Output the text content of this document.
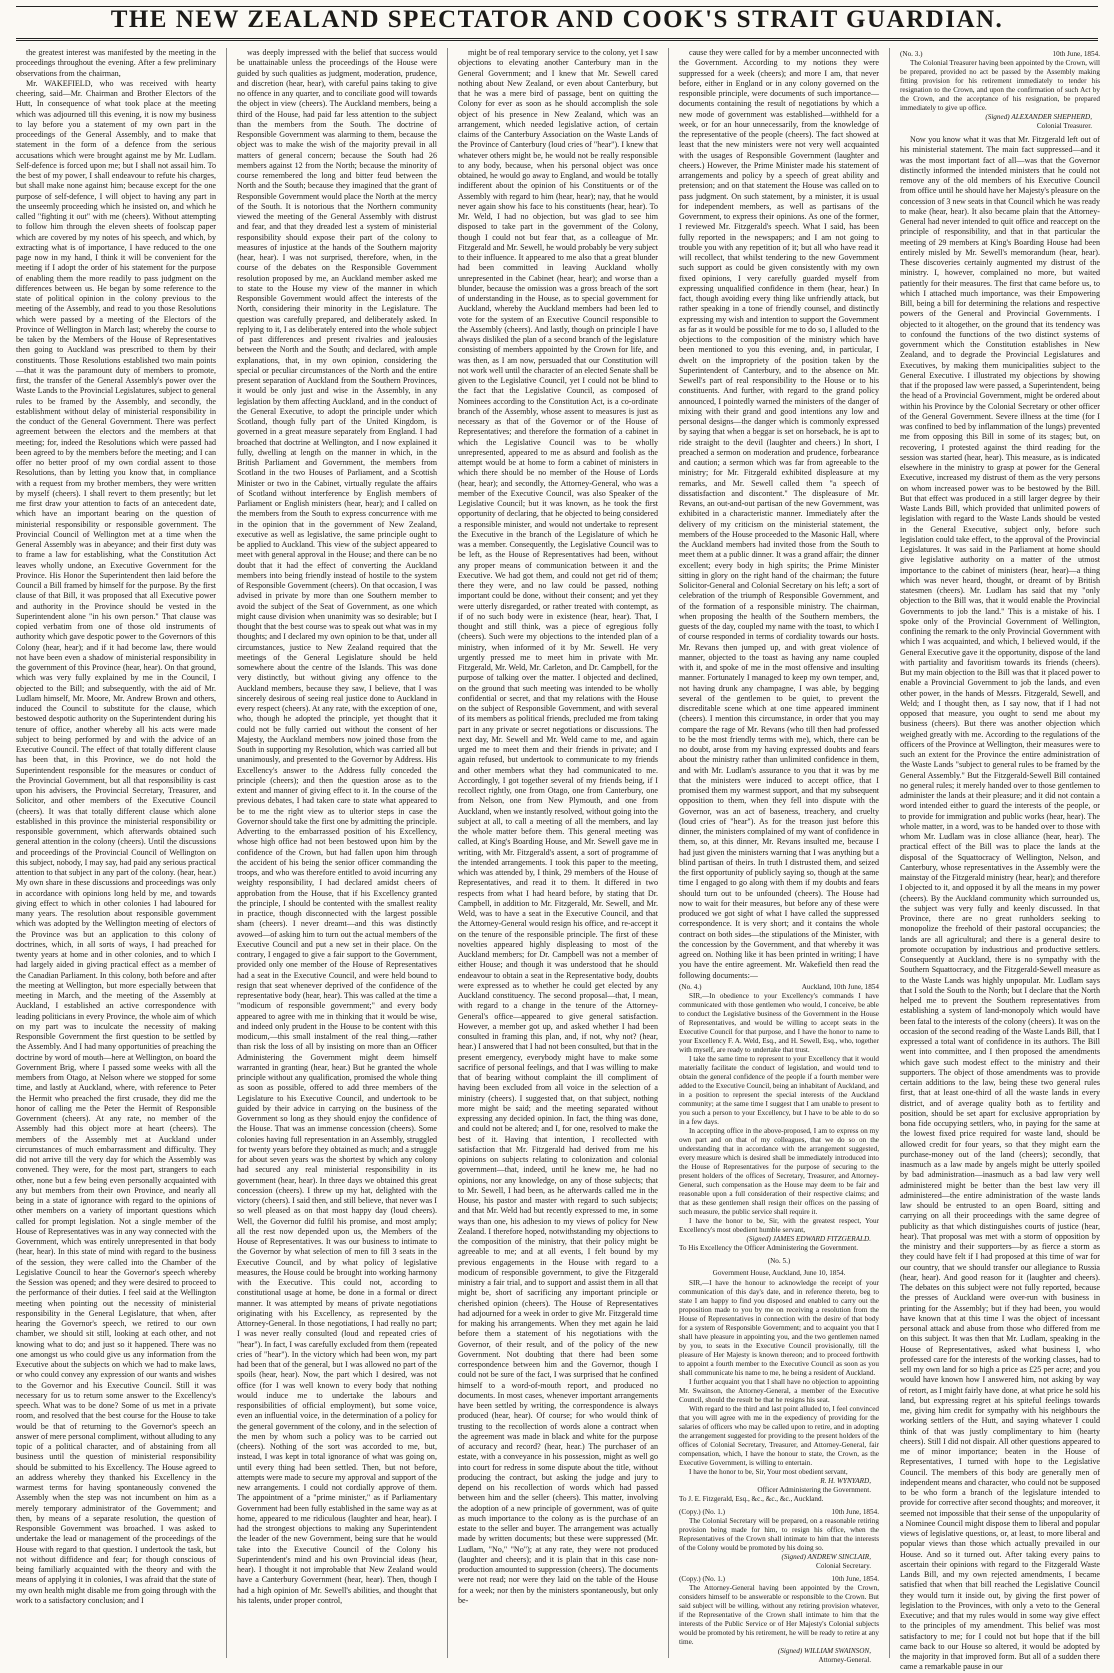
THE NEW ZEALAND SPECTATOR AND COOK'S STRAIT GUARDIAN.

the greatest interest was manifested by the meeting in the proceedings throughout the evening. After a few preliminary observations from the chairman,

Mr. WAKEFIELD, who was received with hearty cheering, said—Mr. Chairman and Brother Electors of the Hutt, In consequence of what took place at the meeting which was adjourned till this evening, it is now my business to lay before you a statement of my own part in the proceedings of the General Assembly, and to make that statement in the form of a defence from the serious accusations which were brought against me by Mr. Ludlam. Self-defence is forced upon me; but I shall not assail him. To the best of my power, I shall endeavour to refute his charges, but shall make none against him; because except for the one purpose of self-defence, I will object to having any part in the unseemly proceeding which he insisted on, and which he called "fighting it out" with me (cheers). Without attempting to follow him through the eleven sheets of foolscap paper which are covered by my notes of his speech, and which, by extracting what is of importance, I have reduced to the one page now in my hand, I think it will be convenient for the meeting if I adopt the order of his statement for the purpose of enabling them the more readily to pass judgment on the differences between us. He began by some reference to the state of political opinion in the colony previous to the meeting of the Assembly, and read to you those Resolutions which were passed by a meeting of the Electors of the Province of Wellington in March last; whereby the course to be taken by the Members of the House of Representatives then going to Auckland was prescribed to them by their constituents. Those Resolutions established two main points—that it was the paramount duty of members to promote, first, the transfer of the General Assembly's power over the Waste Lands to the Provincial Legislatures, subject to general rules to be framed by the Assembly, and secondly, the establishment without delay of ministerial responsibility in the conduct of the General Government. There was perfect agreement between the electors and the members at that meeting; for, indeed the Resolutions which were passed had been agreed to by the members before the meeting; and I can offer no better proof of my own cordial assent to those Resolutions, than by letting you know that, in compliance with a request from my brother members, they were written by myself (cheers). I shall revert to them presently; but let me first draw your attention to facts of an antecedent date, which have an important bearing on the question of ministerial responsibility or responsible government. The Provincial Council of Wellington met at a time when the General Assembly was in abeyance; and their first duty was to frame a law for establishing, what the Constitution Act leaves wholly undone, an Executive Government for the Province. His Honor the Superintendent then laid before the Council a Bill framed by himself for the purpose. By the first clause of that Bill, it was proposed that all Executive power and authority in the Province should be vested in the Superintendent alone "in his own person." That clause was copied verbatim from one of those old instruments of authority which gave despotic power to the Governors of this Colony (hear, hear); and if it had become law, there would not have been even a shadow of ministerial responsibility in the government of this Province (hear, hear). On that ground, which was very fully explained by me in the Council, I objected to the Bill; and subsequently, with the aid of Mr. Ludlam himself, Mr. Moore, Mr. Andrew Brown and others, induced the Council to substitute for the clause, which bestowed despotic authority on the Superintendent during his tenure of office, another whereby all his acts were made subject to being performed by and with the advice of an Executive Council. The effect of that totally different clause has been that, in this Province, we do not hold the Superintendent responsible for the measures or conduct of the Provincial Government, but all that responsibility is cast upon his advisers, the Provincial Secretary, Treasurer, and Solicitor, and other members of the Executive Council (cheers). It was that totally different clause which alone established in this province the ministerial responsibility or responsible government, which afterwards obtained such general attention in the colony (cheers). Until the discussions and proceedings of the Provincial Council of Wellington on this subject, nobody, I may say, had paid any serious practical attention to that subject in any part of the colony. (hear, hear.) My own share in these discussions and proceedings was only in accordance with opinions long held by me, and towards giving effect to which in other colonies I had laboured for many years. The resolution about responsible government which was adopted by the Wellington meeting of electors of the Province was but an application to this colony of doctrines, which, in all sorts of ways, I had preached for twenty years at home and in other colonies, and to which I had largely aided in giving practical effect as a member of the Canadian Parliament. In this colony, both before and after the meeting at Wellington, but more especially between that meeting in March, and the meeting of the Assembly at Auckland, I established an active correspondence with leading politicians in every Province, the whole aim of which on my part was to inculcate the necessity of making Responsible Government the first question to be settled by the Assembly. And I had many opportunities of preaching the doctrine by word of mouth—here at Wellington, on board the Government Brig, where I passed some weeks with all the members from Otago, at Nelson where we stopped for some time, and lastly at Auckland, where, with reference to Peter the Hermit who preached the first crusade, they did me the honor of calling me the Peter the Hermit of Responsible Government (cheers). At any rate, no member of the Assembly had this object more at heart (cheers). The members of the Assembly met at Auckland under circumstances of much embarrassment and difficulty. They did not arrive till the very day for which the Assembly was convened. They were, for the most part, strangers to each other, none but a few being even personally acquainted with any but members from their own Province, and nearly all being in a state of ignorance with regard to the opinions of other members on a variety of important questions which called for prompt legislation. Not a single member of the House of Representatives was in any way connected with the Government, which was entirely unrepresented in that body (hear, hear). In this state of mind with regard to the business of the session, they were called into the Chamber of the Legislative Council to hear the Governor's speech whereby the Session was opened; and they were desired to proceed to the performance of their duties. I feel said at the Wellington meeting when pointing out the necessity of ministerial responsibility in the General Legislature, that when, after hearing the Governor's speech, we retired to our own chamber, we should sit still, looking at each other, and not knowing what to do; and just so it happened. There was no one amongst us who could give us any information from the Executive about the subjects on which we had to make laws, or who could convey any expression of our wants and wishes to the Governor and his Executive Council. Still it was necessary for us to return some answer to the Excellency's speech. What was to be done? Some of us met in a private room, and resolved that the best course for the House to take would be that of returning to the Governor's speech an answer of mere personal compliment, without alluding to any topic of a political character, and of abstaining from all business until the question of ministerial responsibility should be submitted to his Excellency. The House agreed to an address whereby they thanked his Excellency in the warmest terms for having spontaneously convened the Assembly when the step was not incumbent on him as a merely temporary administrator of the Government; and then, by means of a separate resolution, the question of Responsible Government was broached. I was asked to undertake the lead or management of the proceedings of the House with regard to that question. I undertook the task, but not without diffidence and fear; for though conscious of being familiarly acquainted with the theory and with the means of applying it in colonies, I was afraid that the state of my own health might disable me from going through with the work to a satisfactory conclusion; and I

was deeply impressed with the belief that success would be unattainable unless the proceedings of the House were guided by such qualities as judgment, moderation, prudence, and discretion (hear, hear), with careful pains taking to give no offence in any quarter, and to conciliate good will towards the object in view (cheers). The Auckland members, being a third of the House, had paid far less attention to the subject than the members from the South. The doctrine of Responsible Government was alarming to them, because the object was to make the wish of the majority prevail in all matters of general concern; because the South had 26 members against 12 from the North; because the minority of course remembered the long and bitter feud between the North and the South; because they imagined that the grant of Responsible Government would place the North at the mercy of the South. It is notorious that the Northern community viewed the meeting of the General Assembly with distrust and fear, and that they dreaded lest a system of ministerial responsibility should expose their part of the colony to measures of injustice at the hands of the Southern majority (hear, hear). I was not surprised, therefore, when, in the course of the debates on the Responsible Government resolution proposed by me, an Auckland member asked me to state to the House my view of the manner in which Responsible Government would affect the interests of the North, considering their minority in the Legislature. The question was carefully prepared, and deliberately asked. In replying to it, I as deliberately entered into the whole subject of past differences and present rivalries and jealousies between the North and the South; and declared, with ample explanations, that, in my own opinion, considering the special or peculiar circumstances of the North and the entire present separation of Auckland from the Southern Provinces, it would be only just and wise in the Assembly, in any legislation by them affecting Auckland, and in the conduct of the General Executive, to adopt the principle under which Scotland, though fully part of the United Kingdom, is governed in a great measure separately from England. I had broached that doctrine at Wellington, and I now explained it fully, dwelling at length on the manner in which, in the British Parliament and Government, the members from Scotland in the two Houses of Parliament, and a Scottish Minister or two in the Cabinet, virtually regulate the affairs of Scotland without interference by English members of Parliament or English ministers (hear, hear); and I called on the members from the South to express concurrence with me in the opinion that in the government of New Zealand, executive as well as legislative, the same principle ought to be applied to Auckland. This view of the subject appeared to meet with general approval in the House; and there can be no doubt that it had the effect of converting the Auckland members into being friendly instead of hostile to the system of Responsible Government (cheers). On that occasion, I was advised in private by more than one Southern member to avoid the subject of the Seat of Government, as one which might cause division when unanimity was so desirable; but I thought that the best course was to speak out what was in my thoughts; and I declared my own opinion to be that, under all circumstances, justice to New Zealand required that the meetings of the General Legislature should be held somewhere about the centre of the Islands. This was done very distinctly, but without giving any offence to the Auckland members, because they saw, I believe, that I was sincerely desirous of seeing real justice done to Auckland in every respect (cheers). At any rate, with the exception of one, who, though he adopted the principle, yet thought that it could not be fully carried out without the consent of her Majesty, the Auckland members now joined those from the South in supporting my Resolution, which was carried all but unanimously, and presented to the Governor by Address. His Excellency's answer to the Address fully conceded the principle (cheers); and then the question arose as to the extent and manner of giving effect to it. In the course of the previous debates, I had taken care to state what appeared to be to me the right view as to ulterior steps in case the Governor should take the first one by admitting the principle. Adverting to the embarrassed position of his Excellency, whose high office had not been bestowed upon him by the confidence of the Crown, but had fallen upon him through the accident of his being the senior officer commanding the troops, and who was therefore entitled to avoid incurring any weighty responsibility, I had declared amidst cheers of approbation from the House, that if his Excellency granted the principle, I should be contented with the smallest reality in practice, though disconnected with the largest possible sham (cheers). I never dreamt—and this was distinctly avowed—of asking him to turn out the actual members of the Executive Council and put a new set in their place. On the contrary, I engaged to give a fair support to the Government, provided only one member of the House of Representatives had a seat in the Executive Council, and were held bound to resign that seat whenever deprived of the confidence of the representative body (hear, hear). This was called at the time a "modicum of responsible government;" and every body appeared to agree with me in thinking that it would be wise, and indeed only prudent in the House to be content with this modicum,—this small instalment of the real thing,—rather than risk the loss of all by insisting on more than an Officer Administering the Government might deem himself warranted in granting (hear, hear.) But he granted the whole principle without any qualification, promised the whole thing as soon as possible, offered to add three members of the Legislature to his Executive Council, and undertook to be guided by their advice in carrying on the business of the Government so long as they should enjoy the confidence of the House. That was an immense concession (cheers). Some colonies having full representation in an Assembly, struggled for twenty years before they obtained as much; and a struggle for about seven years was the shortest by which any colony had secured any real ministerial responsibility in its government (hear, hear). In three days we obtained this great concession (cheers). I threw up my hat, delighted with the victory (cheers). I said then, and still believe, that never was I so well pleased as on that most happy day (loud cheers). Well, the Governor did fulfil his promise, and most amply; all the rest now depended upon us, the Members of the House of Representatives. It was our business to intimate to the Governor by what selection of men to fill 3 seats in the Executive Council, and by what policy of legislative measures, the House could be brought into working harmony with the Executive. This could not, according to constitutional usage at home, be done in a formal or direct manner. It was attempted by means of private negotiations originating with his Excellency, as represented by the Attorney-General. In those negotiations, I had really no part; I was never really consulted (loud and repeated cries of "hear"). In fact, I was carefully excluded from them (repeated cries of "hear"). In the victory which had been won, my part had been that of the general, but I was allowed no part of the spoils (hear, hear). Now, the part which I desired, was not office (for I was well known to every body that nothing would induce me to undertake the labours and responsibilities of official employment), but some voice, even an influential voice, in the determination of a policy for the general government of the colony, and in the selection of the men by whom such a policy was to be carried out (cheers). Nothing of the sort was accorded to me, but, instead, I was kept in total ignorance of what was going on, until every thing had been settled. Then, but not before, attempts were made to secure my approval and support of the new arrangements. I could not cordially approve of them. The appointment of a "prime minister," as if Parliamentary Government had been fully established in the same way as at home, appeared to me ridiculous (laughter and hear, hear). I had the strongest objections to making any Superintendent the leader of the new Government, being sure that he would take into the Executive Council of the Colony his Superintendent's mind and his own Provincial ideas (hear, hear). I thought it not improbable that New Zealand would have a Canterbury Government (hear, hear). Then, though I had a high opinion of Mr. Sewell's abilities, and thought that his talents, under proper control,

might be of real temporary service to the colony, yet I saw objections to elevating another Canterbury man in the General Government; and I knew that Mr. Sewell cared nothing about New Zealand, or even about Canterbury, but that he was a mere bird of passage, bent on quitting the Colony for ever as soon as he should accomplish the sole object of his presence in New Zealand, which was an arrangement, which needed legislative action, of certain claims of the Canterbury Association on the Waste Lands of the Province of Canterbury (loud cries of "hear"). I knew that whatever others might be, he would not be really responsible to any body, because, when his personal object was once obtained, he would go away to England, and would be totally indifferent about the opinion of his Constituents or of the Assembly with regard to him (hear, hear); nay, that he would never again show his face to his constituents (hear, hear). To Mr. Weld, I had no objection, but was glad to see him disposed to take part in the government of the Colony, though I could not but fear that, as a colleague of Mr. Fitzgerald and Mr. Sewell, he would probably be very subject to their influence. It appeared to me also that a great blunder had been committed in leaving Auckland wholly unrepresented in the Cabinet (hear, hear); and worse than a blunder, because the omission was a gross breach of the sort of understanding in the House, as to special government for Auckland, whereby the Auckland members had been led to vote for the system of an Executive Council responsible to the Assembly (cheers). And lastly, though on principle I have always disliked the plan of a second branch of the legislature consisting of members appointed by the Crown for life, and was then, as I am now, persuaded that our Constitution will not work well until the character of an elected Senate shall be given to the Legislative Council, yet I could not be blind to the fact that the Legislative Council, as composed of Nominees according to the Constitution Act, is a co-ordinate branch of the Assembly, whose assent to measures is just as necessary as that of the Governor or of the House of Representatives; and therefore the formation of a cabinet in which the Legislative Council was to be wholly unrepresented, appeared to me as absurd and foolish as the attempt would be at home to form a cabinet of ministers in which there should be no member of the House of Lords (hear, hear); and secondly, the Attorney-General, who was a member of the Executive Council, was also Speaker of the Legislative Council; but it was known, as he took the first opportunity of declaring, that he objected to being considered a responsible minister, and would not undertake to represent the Executive in the branch of the Legislature of which he was a member. Consequently, the Legislative Council was to be left, as the House of Representatives had been, without any proper means of communication between it and the Executive. We had got them, and could not get rid of them; there they were, and no law could be passed, nothing important could be done, without their consent; and yet they were utterly disregarded, or rather treated with contempt, as if of no such body were in existence (hear, hear). That, I thought and still think, was a piece of egregious folly (cheers). Such were my objections to the intended plan of a ministry, when informed of it by Mr. Sewell. He very urgently pressed me to meet him in private with Mr. Fitzgerald, Mr. Weld, Mr. Carleton, and Dr. Campbell, for the purpose of talking over the matter. I objected and declined, on the ground that such meeting was intended to be wholly confidential or secret, and that my relations with the House on the subject of Responsible Government, and with several of its members as political friends, precluded me from taking part in any private or secret negotiations or discussions. The next day, Mr. Sewell and Mr. Weld came to me, and again urged me to meet them and their friends in private; and I again refused, but undertook to communicate to my friends and other members what they had communicated to me. Accordingly, I got together several of my friends being, if I recollect rightly, one from Otago, one from Canterbury, one from Nelson, one from New Plymouth, and one from Auckland, when we instantly resolved, without going into the subject at all, to call a meeting of all the members, and lay the whole matter before them. This general meeting was called, at King's Boarding House, and Mr. Sewell gave me in writing, with Mr. Fitzgerald's assent, a sort of programme of the intended arrangements. I took this paper to the meeting, which was attended by, I think, 29 members of the House of Representatives, and read it to them. It differed in two respects from what I had heard before, by stating that Dr. Campbell, in addition to Mr. Fitzgerald, Mr. Sewell, and Mr. Weld, was to have a seat in the Executive Council, and that the Attorney-General would resign his office, and re-accept it on the tenure of the responsible principle. The first of these novelties appeared highly displeasing to most of the Auckland members; for Dr. Campbell was not a member of either House; and though it was understood that he should endeavour to obtain a seat in the Representative body, doubts were expressed as to whether he could get elected by any Auckland constituency. The second proposal—that, I mean, with regard to a change in the tenure of the Attorney-General's office—appeared to give general satisfaction. However, a member got up, and asked whether I had been consulted in framing this plan, and, if not, why not? (hear, hear.) I answered that I had not been consulted, but that in the present emergency, everybody might have to make some sacrifice of personal feelings, and that I was willing to make that of bearing without complaint the ill compliment of having been excluded from all voice in the selection of a ministry (cheers). I suggested that, on that subject, nothing more might be said; and the meeting separated without expressing any decided opinion. In fact, the thing was done, and could not be altered; and I, for one, resolved to make the best of it. Having that intention, I recollected with satisfaction that Mr. Fitzgerald had derived from me his opinions on subjects relating to colonization and colonial government—that, indeed, until he knew me, he had no opinions, nor any knowledge, on any of those subjects; that to Mr. Sewell, I had been, as he afterwards called me in the House, his pastor and master with regard to such subjects; and that Mr. Weld had but recently expressed to me, in some ways than one, his adhesion to my views of policy for New Zealand. I therefore hoped, notwithstanding my objections to the composition of the ministry, that their policy might be agreeable to me; and at all events, I felt bound by my previous engagements in the House with regard to a modicum of responsible government, to give the Fitzgerald ministry a fair trial, and to support and assist them in all that might be, short of sacrificing any important principle or cherished opinion (cheers). The House of Representatives had adjourned for a week in order to give Mr. Fitzgerald time for making his arrangements. When they met again he laid before them a statement of his negotiations with the Governor, of their result, and of the policy of the new Government. Not doubting that there had been some correspondence between him and the Governor, though I could not be sure of the fact, I was surprised that he confined himself to a word-of-mouth report, and produced no documents. In most cases, whenever important arrangements have been settled by writing, the correspondence is always produced (hear, hear). Of course; for who would think of trusting to the recollection of words alone a contract when the agreement was made in black and white for the purpose of accuracy and record? (hear, hear.) The purchaser of an estate, with a conveyance in his possession, might as well go into court for redress in some dispute about the title, without producing the contract, but asking the judge and jury to depend on his recollection of words which had passed between him and the seller (cheers). This matter, involving the adoption of a new principle of government, was of quite as much importance to the colony as is the purchase of an estate to the seller and buyer. The arrangement was actually made by written documents; but these were suppressed (Mr. Ludlam, "No," "No"); at any rate, they were not produced (laughter and cheers); and it is plain that in this case non-production amounted to suppression (cheers). The documents were not read; nor were they laid on the table of the House for a week; nor then by the ministers spontaneously, but only be-

cause they were called for by a member unconnected with the Government. According to my notions they were suppressed for a week (cheers); and more I am, that never before, either in England or in any colony governed on the responsible principle, were documents of such importance—documents containing the result of negotiations by which a new mode of government was established—withheld for a week, or for an hour unnecessarily, from the knowledge of the representative of the people (cheers). The fact showed at least that the new ministers were not very well acquainted with the usages of Responsible Government (laughter and cheers.) However, the Prime Minister made his statement of arrangements and policy by a speech of great ability and pretension; and on that statement the House was called on to pass judgment. On such statement, by a minister, it is usual for independent members, as well as partisans of the Government, to express their opinions. As one of the former, I reviewed Mr. Fitzgerald's speech. What I said, has been fully reported in the newspapers; and I am not going to trouble you with any repetition of it; but all who have read it will recollect, that whilst tendering to the new Government such support as could be given consistently with my own fixed opinions, I very carefully guarded myself from expressing unqualified confidence in them (hear, hear.) In fact, though avoiding every thing like unfriendly attack, but rather speaking in a tone of friendly counsel, and distinctly expressing my wish and intention to support the Government as far as it would be possible for me to do so, I alluded to the objections to the composition of the ministry which have been mentioned to you this evening, and, in particular, I dwelt on the impropriety of the position taken by the Superintendent of Canterbury, and to the absence on Mr. Sewell's part of real responsibility to the House or to his constituents. And further, with regard to the grand policy announced, I pointedly warned the ministers of the danger of mixing with their grand and good intentions any low and personal designs—the danger which is commonly expressed by saying that when a beggar is set on horseback, he is apt to ride straight to the devil (laughter and cheers.) In short, I preached a sermon on moderation and prudence, forbearance and caution; a sermon which was far from agreeable to the ministry; for Mr. Fitzgerald exhibited displeasure at my remarks, and Mr. Sewell called them "a speech of dissatisfaction and discontent." The displeasure of Mr. Revans, an out-and-out partisan of the new Government, was exhibited in a characteristic manner. Immediately after the delivery of my criticism on the ministerial statement, the members of the House proceeded to the Masonic Hall, where the Auckland members had invited those from the South to meet them at a public dinner. It was a grand affair; the dinner excellent; every body in high spirits; the Prime Minister sitting in glory on the right hand of the chairman; the future Solicitor-General and Colonial Secretary on his left; a sort of celebration of the triumph of Responsible Government, and of the formation of a responsible ministry. The chairman, when proposing the health of the Southern members, the guests of the day, coupled my name with the toast, to which I of course responded in terms of cordiality towards our hosts. Mr. Revans then jumped up, and with great violence of manner, objected to the toast as having any name coupled with it, and spoke of me in the most offensive and insulting manner. Fortunately I managed to keep my own temper, and, not having drunk any champagne, I was able, by begging several of the gentlemen to be quiet, to prevent the discreditable scene which at one time appeared imminent (cheers). I mention this circumstance, in order that you may compare the rage of Mr. Revans (who till then had professed to be the most friendly terms with me), which, there can be no doubt, arose from my having expressed doubts and fears about the ministry rather than unlimited confidence in them, and with Mr. Ludlam's assurance to you that it was by me that the ministers were induced to accept office, that I promised them my warmest support, and that my subsequent opposition to them, when they fell into dispute with the Governor, was an act of baseness, treachery, and cruelty (loud cries of "hear"). As for the treason just before this dinner, the ministers complained of my want of confidence in them, so, at this dinner, Mr. Revans insulted me, because I had just given the ministers warning that I was anything but a blind partisan of theirs. In truth I distrusted them, and seized the first opportunity of publicly saying so, though at the same time I engaged to go along with them if my doubts and fears should turn out to be unfounded (cheers). The House had now to wait for their measures, but before any of these were produced we got sight of what I have called the suppressed correspondence. It is very short; and it contains the whole contract on both sides—the stipulations of the Minister, with the concession by the Government, and that whereby it was agreed on. Nothing like it has been printed in writing; I have you have the entire agreement. Mr. Wakefield then read the following documents:—

(No. 4.)	Auckland, 10th June, 1854
SIR,—In obedience to your Excellency's commands I have communicated with those gentlemen who would, I conceive, be able to conduct the Legislative business of the Government in the House of Representatives, and would be willing to accept seats in the Executive Council for that purpose, and I have the honor to name to your Excellency F. A. Weld, Esq., and H. Sewell, Esq., who, together with myself, are ready to undertake that trust.
I take the same time to represent to your Excellency that it would materially facilitate the conduct of legislation, and would tend to obtain the general confidence of the people if a fourth member were added to the Executive Council, being an inhabitant of Auckland, and in a position to represent the special interests of the Auckland community; at the same time I suggest that I am unable to present to you such a person to your Excellency, but I have to be able to do so in a few days.
In accepting office in the above-proposed, I am to express on my own part and on that of my colleagues, that we do so on the understanding that in accordance with the arrangement suggested, every measure which is desired shall be immediately introduced into the House of Representatives for the purpose of securing to the present holders of the offices of Secretary, Treasurer, and Attorney-General, such compensation as the House may deem to be fair and reasonable upon a full consideration of their respective claims; and that as these gentlemen shall resign their offices on the passing of such measure, the public service shall require it.
I have the honor to be, Sir, with the greatest respect, Your Excellency's most obedient humble servant,
(Signed) JAMES EDWARD FITZGERALD.
To His Excellency the Officer Administering the Government.
(No. 5.)
Government House, Auckland, June 10, 1854.
SIR,—I have the honour to acknowledge the receipt of your communication of this day's date, and in reference thereto, beg to state I am happy to find you disposed and enabled to carry out the proposition made to you by me on receiving a resolution from the House of Representatives in connection with the desire of that body for a system of Responsible Government; and to acquaint you that I shall have pleasure in appointing you, and the two gentlemen named by you, to seats in the Executive Council provisionally, till the pleasure of Her Majesty is known thereon; and to proceed forthwith to appoint a fourth member to the Executive Council as soon as you shall communicate his name to me, he being a resident of Auckland.
I further acquaint you that I shall have no objection to appointing Mr. Swainson, the Attorney-General, a member of the Executive Council, should the result be that he resigns his seat.
With regard to the third and last point alluded to, I feel convinced that you will agree with me in the expediency of providing for the salaries of officers who may be called upon to retire, and in adopting the arrangement suggested for providing to the present holders of the offices of Colonial Secretary, Treasurer, and Attorney-General, fair compensation, which, I have the honour to state, the Crown, as the Executive Government, is willing to entertain.
I have the honor to be, Sir, Your most obedient servant,
R. H. WYNYARD,
Officer Administering the Government.
To J. E. Fitzgerald, Esq., &c., &c., &c., Auckland.
(Copy.) (No. 1.)	10th June, 1854.
The Colonial Secretary will be prepared, on a reasonable retiring provision being made for him, to resign his office, when the Representatives of the Crown shall intimate to him that the interests of the Colony would be promoted by his doing so.
(Signed) ANDREW SINCLAIR,
Colonial Secretary.
(Copy.) (No. 1.)	10th June, 1854.
The Attorney-General having been appointed by the Crown, considers himself to be answerable or responsible to the Crown. But said subject will be willing, without any retiring provision whatever, if the Representative of the Crown shall intimate to him that the interests of the Public Service or of Her Majesty's Colonial subjects would be promoted by his retirement, he will be ready to retire at any time.
(Signed) WILLIAM SWAINSON,
Attorney-General.
(No. 3.)	10th June, 1854.
The Colonial Treasurer having been appointed by the Crown, will be prepared, provided no act be passed by the Assembly making fitting provision for his retirement immediately to tender his resignation to the Crown, and upon the confirmation of such Act by the Crown, and the acceptance of his resignation, be prepared immediately to give up office.
(Signed) ALEXANDER SHEPHERD,
Colonial Treasurer.

Now you know what it was that Mr. Fitzgerald left out of his ministerial statement. The main fact suppressed—and it was the most important fact of all—was that the Governor distinctly informed the intended ministers that he could not remove any of the old members of his Executive Council from office until he should have her Majesty's pleasure on the concession of 3 new seats in that Council which he was ready to make (hear, hear). It also became plain that the Attorney-General had never intended to quit office and reaccept on the principle of responsibility, and that in that particular the meeting of 29 members at King's Boarding House had been entirely misled by Mr. Sewell's memorandum (hear, hear). These discoveries certainly augmented my distrust of the ministry. I, however, complained no more, but waited patiently for their measures. The first that came before us, to which I attached much importance, was their Empowering Bill, being a bill for determining the relations and respective powers of the General and Provincial Governments. I objected to it altogether, on the ground that its tendency was to confound the functions of the two distinct systems of government which the Constitution establishes in New Zealand, and to degrade the Provincial Legislatures and Executives, by making them municipalities subject to the General Executive. I illustrated my objections by showing that if the proposed law were passed, a Superintendent, being the head of a Provincial Government, might be ordered about within his Province by the Colonial Secretary or other officer of the General Government. Severe illness at the time (for I was confined to bed by inflammation of the lungs) prevented me from opposing this Bill in some of its stages; but, on recovering, I protested against the third reading for the session was started (hear, hear). This measure, as is indicated elsewhere in the ministry to grasp at power for the General Executive, increased my distrust of them as the very persons on whom increased power was to be bestowed by the Bill. But that effect was produced in a still larger degree by their Waste Lands Bill, which provided that unlimited powers of legislation with regard to the Waste Lands should be vested in the General Executive, subject only, before such legislation could take effect, to the approval of the Provincial Legislatures. It was said in the Parliament at home should give legislative authority on a matter of the utmost importance to the cabinet of ministers (hear, hear)—a thing which was never heard, thought, or dreamt of by British statesmen (cheers). Mr. Ludlam has said that my "only objection to the Bill was, that it would enable the Provincial Governments to job the land." This is a mistake of his. I spoke only of the Provincial Government of Wellington, confining the remark to the only Provincial Government with which I was acquainted, and which, I believed would, if the General Executive gave it the opportunity, dispose of the land with partiality and favoritism towards its friends (cheers). But my main objection to the Bill was that it placed power to enable a Provincial Government to job the lands, and even other power, in the hands of Messrs. Fitzgerald, Sewell, and Weld; and I thought then, as I say now, that if I had not opposed that measure, you ought to send me about my business (cheers). But there was another objection which weighed greatly with me. According to the regulations of the officers of the Province at Wellington, their measures were to such an extent for the Province the entire administration of the Waste Lands "subject to general rules to be framed by the General Assembly." But the Fitzgerald-Sewell Bill contained no general rules; it merely handed over to those gentlemen to administer the lands at their pleasure; and it did not contain a word intended either to guard the interests of the people, or to provide for immigration and public works (hear, hear). The whole matter, in a word, was to be handed over to those with whom Mr. Ludlam was in close alliance (hear, hear). The practical effect of the Bill was to place the lands at the disposal of the Squattocracy of Wellington, Nelson, and Canterbury, whose representatives in the Assembly were the mainstay of the Fitzgerald ministry (hear, hear); and therefore I objected to it, and opposed it by all the means in my power (cheers). By the Auckland community which surrounded us, the subject was very fully and keenly discussed. In that Province, there are no great runholders seeking to monopolize the freehold of their pastoral occupancies; the lands are all agricultural; and there is a general desire to promote occupation by industrious and productive settlers. Consequently at Auckland, there is no sympathy with the Southern Squattocracy, and the Fitzgerald-Sewell measure as to the Waste Lands was highly unpopular. Mr. Ludlam says that I sold the South to the North; but I declare that the North helped me to prevent the Southern representatives from establishing a system of land-monopoly which would have been fatal to the interests of the colony (cheers). It was on the occasion of the second reading of the Waste Lands Bill, that I expressed a total want of confidence in its authors. The Bill went into committee, and I then proposed the amendments which gave such modest effect to the ministry and their supporters. The object of those amendments was to provide certain additions to the law, being these two general rules first, that at least one-third of all the waste lands in every district, and of average quality both as to fertility and position, should be set apart for exclusive appropriation by bona fide occupying settlers, who, in paying for the same at the lowest fixed price required for waste land, should be allowed credit for four years, so that they might earn the purchase-money out of the land (cheers); secondly, that inasmuch as a law made by angels might be utterly spoiled by bad administration—inasmuch as a bad law very well administered might be better than the best law very ill administered—the entire administration of the waste lands law should be entrusted to an open Board, sitting and carrying on all their proceedings with the same degree of publicity as that which distinguishes courts of justice (hear, hear). That proposal was met with a storm of opposition by the ministry and their supporters—by as fierce a storm as they could have felt if I had proposed at this time of war for our country, that we should transfer our allegiance to Russia (hear, hear). And good reason for it (laughter and cheers). The debates on this subject were not fully reported, because the presses of Auckland were over-run with business in printing for the Assembly; but if they had been, you would have known that at this time I was the object of incessant personal attack and abuse from those who differed from me on this subject. It was then that Mr. Ludlam, speaking in the House of Representatives, asked what business I, who professed care for the interests of the working classes, had to sell my own land for so high a price as £25 per acre; and you would have known how I answered him, not asking by way of retort, as I might fairly have done, at what price he sold his land, but expressing regret at his spiteful feelings towards me, giving him credit for sympathy with his neighbours the working settlers of the Hutt, and saying whatever I could think of that was justly complimentary to him (hearty cheers). Still I did not dispair. All other questions appeared to me of minor importance; beaten in the House of Representatives, I turned with hope to the Legislative Council. The members of this body are generally men of independent means and character, who could not be supposed to be who form a branch of the legislature intended to provide for corrective after second thoughts; and moreover, it seemed not impossible that their sense of the unpopularity of a Nominee Council might dispose them to liberal and popular views of legislative questions, or, at least, to more liberal and popular views than those which actually prevailed in our House. And so it turned out. After taking every pains to ascertain their opinions with regard to the Fitzgerald Waste Lands Bill, and my own rejected amendments, I became satisfied that when that bill reached the Legislative Council they would turn it inside out, by giving the first power of legislation to the Provinces, with only a veto to the General Executive; and that my rules would in some way give effect to the principles of my amendment. This belief was most satisfactory to me; for I could not but hope that if the bill came back to our House so altered, it would be adopted by the majority in that improved form. But all of a sudden there came a remarkable pause in our
